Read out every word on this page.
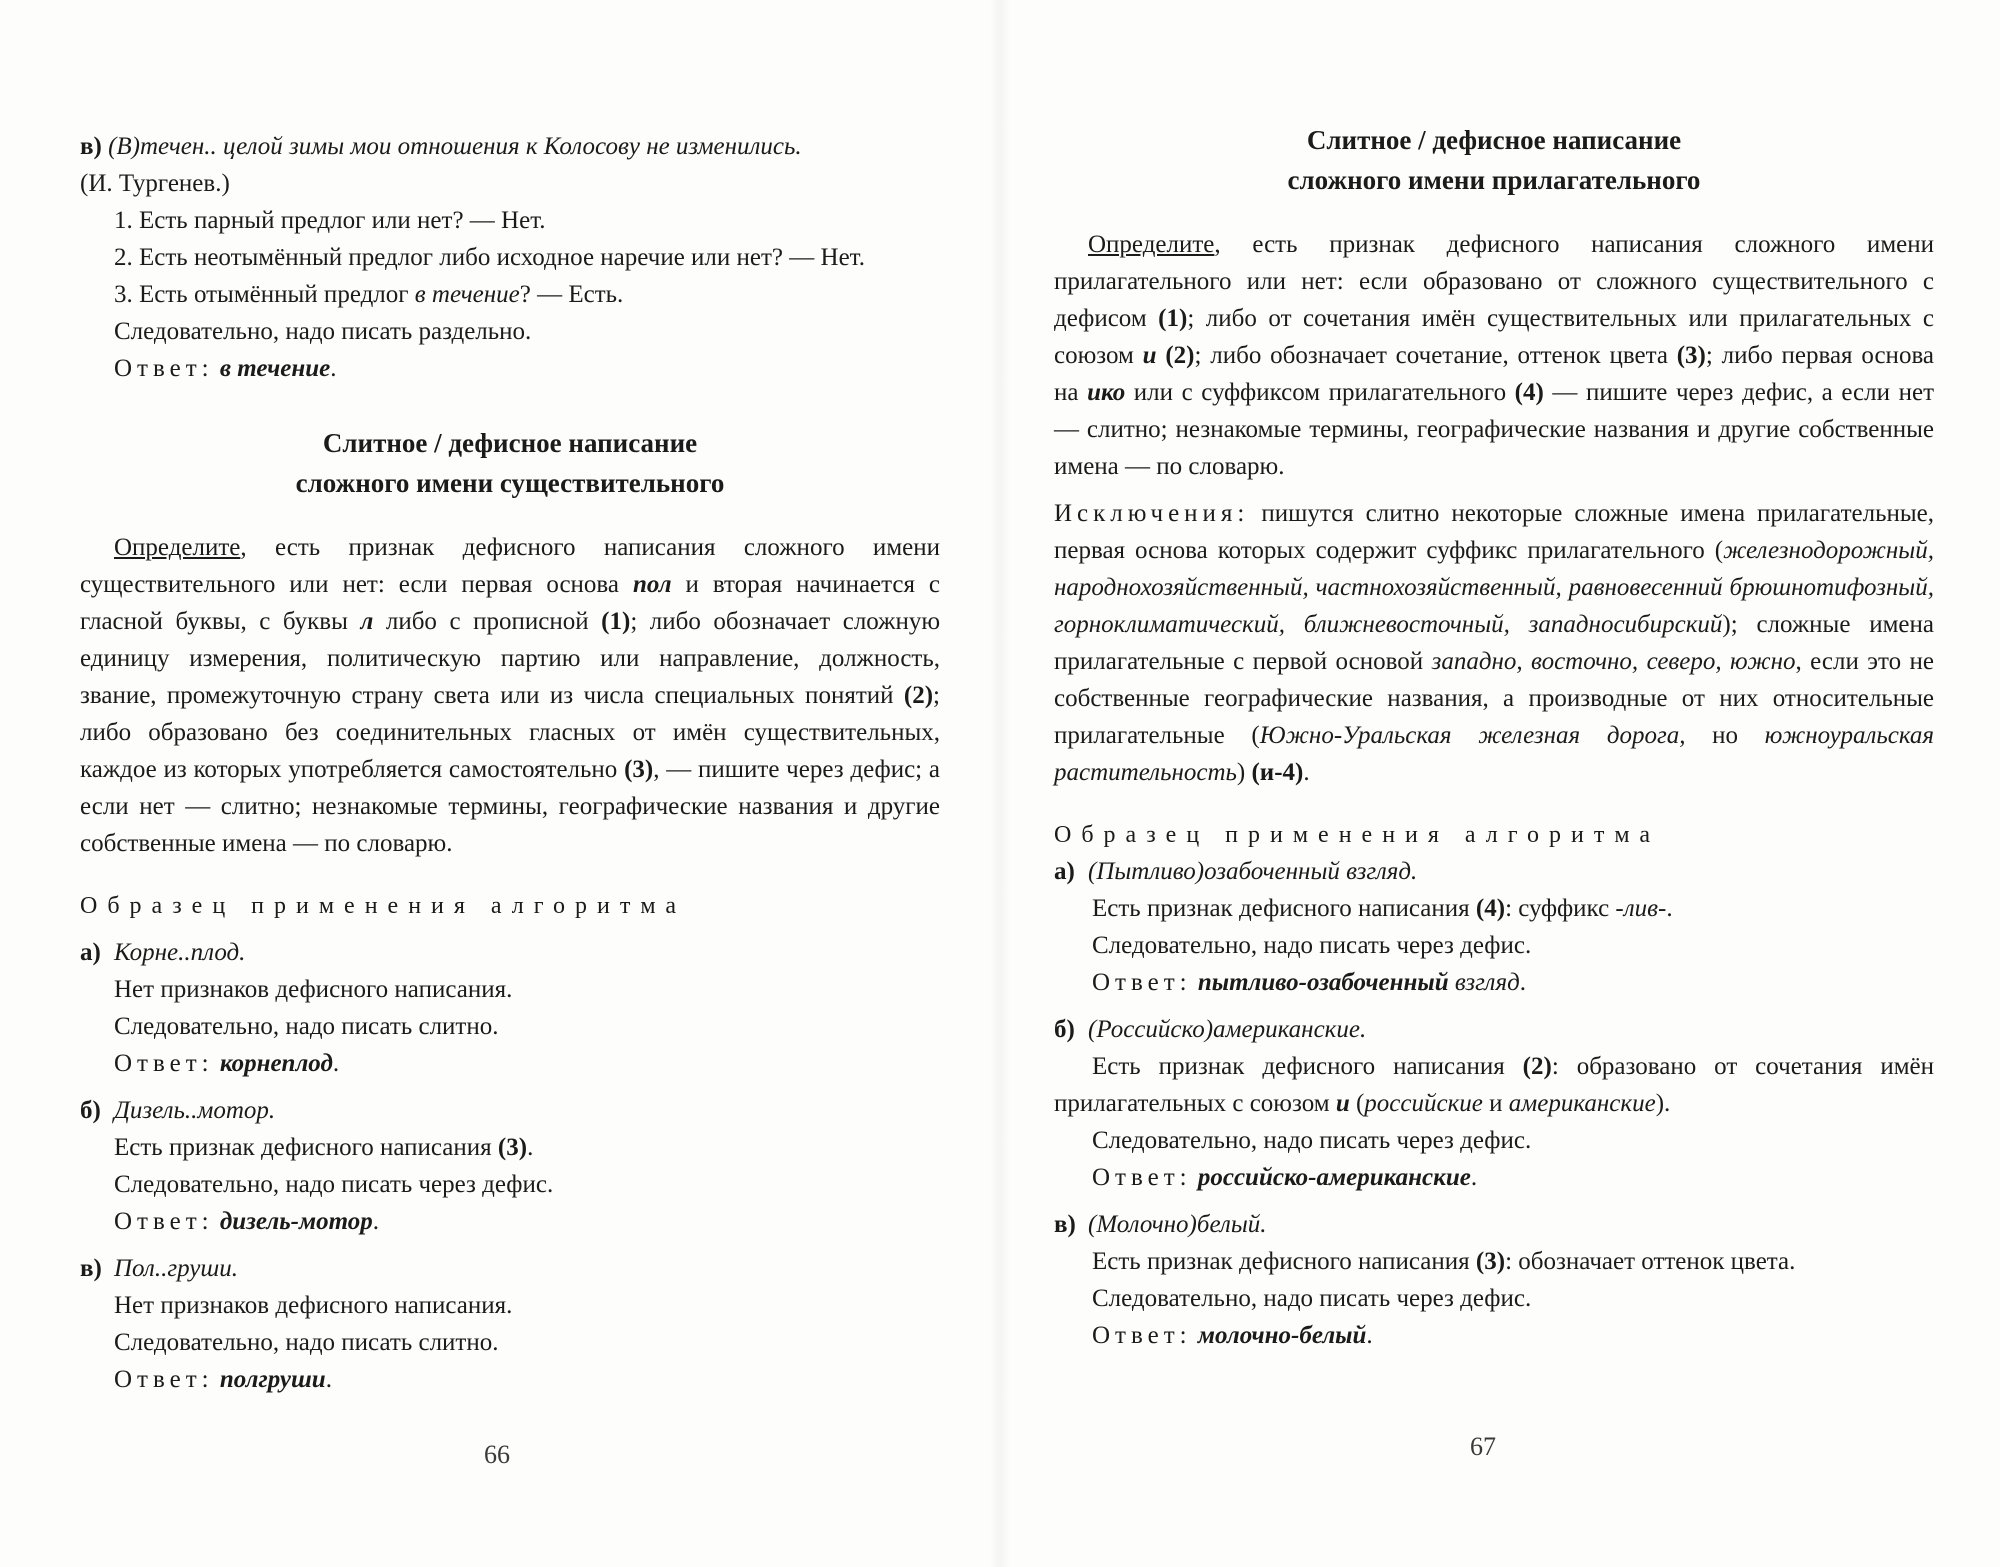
в) (В)течен.. целой зимы мои отношения к Колосову не изменились.

(И. Тургенев.)

1. Есть парный предлог или нет? — Нет.

2. Есть неотымённый предлог либо исходное наречие или нет? — Нет.

3. Есть отымённый предлог в течение? — Есть.

Следовательно, надо писать раздельно.

Ответ: в течение.

Слитное / дефисное написание

сложного имени существительного

Определите, есть признак дефисного написания сложного имени существительного или нет: если первая основа пол и вторая начинается с гласной буквы, с буквы л либо с прописной (1); либо обозначает сложную единицу измерения, политическую партию или направление, должность, звание, промежуточную страну света или из числа специальных понятий (2); либо образовано без соединительных гласных от имён существительных, каждое из которых употребляется самостоятельно (3), — пишите через дефис; а если нет — слитно; незнакомые термины, географические названия и другие собственные имена — по словарю.

Образец применения алгоритма

а) Корне..плод.

Нет признаков дефисного написания.

Следовательно, надо писать слитно.

Ответ: корнеплод.

б) Дизель..мотор.

Есть признак дефисного написания (3).

Следовательно, надо писать через дефис.

Ответ: дизель-мотор.

в) Пол..груши.

Нет признаков дефисного написания.

Следовательно, надо писать слитно.

Ответ: полгруши.

66

Слитное / дефисное написание

сложного имени прилагательного

Определите, есть признак дефисного написания сложного имени прилагательного или нет: если образовано от сложного существительного с дефисом (1); либо от сочетания имён существительных или прилагательных с союзом и (2); либо обозначает сочетание, оттенок цвета (3); либо первая основа на ико или с суффиксом прилагательного (4) — пишите через дефис, а если нет — слитно; незнакомые термины, географические названия и другие собственные имена — по словарю.

Исключения: пишутся слитно некоторые сложные имена прилагательные, первая основа которых содержит суффикс прилагательного (железнодорожный, народнохозяйственный, частнохозяйственный, равновесенний брюшнотифозный, горноклиматический, ближневосточный, западносибирский); сложные имена прилагательные с первой основой западно, восточно, северо, южно, если это не собственные географические названия, а производные от них относительные прилагательные (Южно-Уральская железная дорога, но южноуральская растительность) (и-4).

Образец применения алгоритма

а) (Пытливо)озабоченный взгляд.

Есть признак дефисного написания (4): суффикс -лив-.

Следовательно, надо писать через дефис.

Ответ: пытливо-озабоченный взгляд.

б) (Российско)американские.

Есть признак дефисного написания (2): образовано от сочетания имён прилагательных с союзом и (российские и американские).

Следовательно, надо писать через дефис.

Ответ: российско-американские.

в) (Молочно)белый.

Есть признак дефисного написания (3): обозначает оттенок цвета.

Следовательно, надо писать через дефис.

Ответ: молочно-белый.

67
